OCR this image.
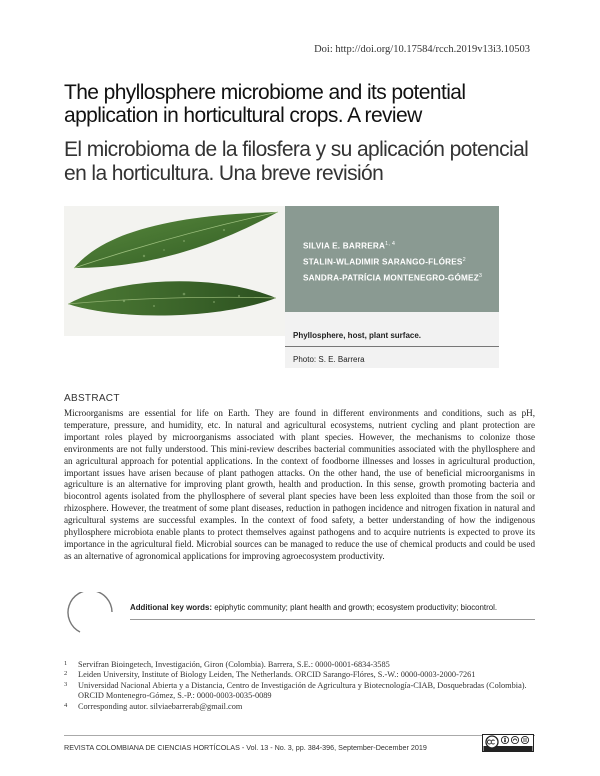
Doi: http://doi.org/10.17584/rcch.2019v13i3.10503
The phyllosphere microbiome and its potential application in horticultural crops. A review
El microbioma de la filosfera y su aplicación potencial en la horticultura. Una breve revisión
SILVIA E. BARRERA$^{1, 4}$
STALIN-WLADIMIR SARANGO-FLÓRES$^2$
SANDRA-PATRÍCIA MONTENEGRO-GÓMEZ$^3$
Phyllosphere, host, plant surface.
Photo: S. E. Barrera
ABSTRACT
Microorganisms are essential for life on Earth. They are found in different environments and conditions, such as pH, temperature, pressure, and humidity, etc. In natural and agricultural ecosystems, nutrient cycling and plant protection are important roles played by microorganisms associated with plant species. However, the mechanisms to colonize those environments are not fully understood. This mini-review describes bacterial communities associated with the phyllosphere and an agricultural approach for potential applications. In the context of foodborne illnesses and losses in agricultural production, important issues have arisen because of plant pathogen attacks. On the other hand, the use of beneficial microorganisms in agriculture is an alternative for improving plant growth, health and production. In this sense, growth promoting bacteria and biocontrol agents isolated from the phyllosphere of several plant species have been less exploited than those from the soil or rhizosphere. However, the treatment of some plant diseases, reduction in pathogen incidence and nitrogen fixation in natural and agricultural systems are successful examples. In the context of food safety, a better understanding of how the indigenous phyllosphere microbiota enable plants to protect themselves against pathogens and to acquire nutrients is expected to prove its importance in the agricultural field. Microbial sources can be managed to reduce the use of chemical products and could be used as an alternative of agronomical applications for improving agroecosystem productivity.
Additional key words: epiphytic community; plant health and growth; ecosystem productivity; biocontrol.
1 Servifran Bioingetech, Investigación, Giron (Colombia). Barrera, S.E.: 0000-0001-6834-3585
2 Leiden University, Institute of Biology Leiden, The Netherlands. ORCID Sarango-Flóres, S.-W.: 0000-0003-2000-7261
3 Universidad Nacional Abierta y a Distancia, Centro de Investigación de Agricultura y Biotecnología-CIAB, Dosquebradas (Colombia). ORCID Montenegro-Gómez, S.-P.: 0000-0003-0035-0089
4 Corresponding autor. silviaebarrerab@gmail.com
REVISTA COLOMBIANA DE CIENCIAS HORTÍCOLAS - Vol. 13 - No. 3, pp. 384-396, September-December 2019
